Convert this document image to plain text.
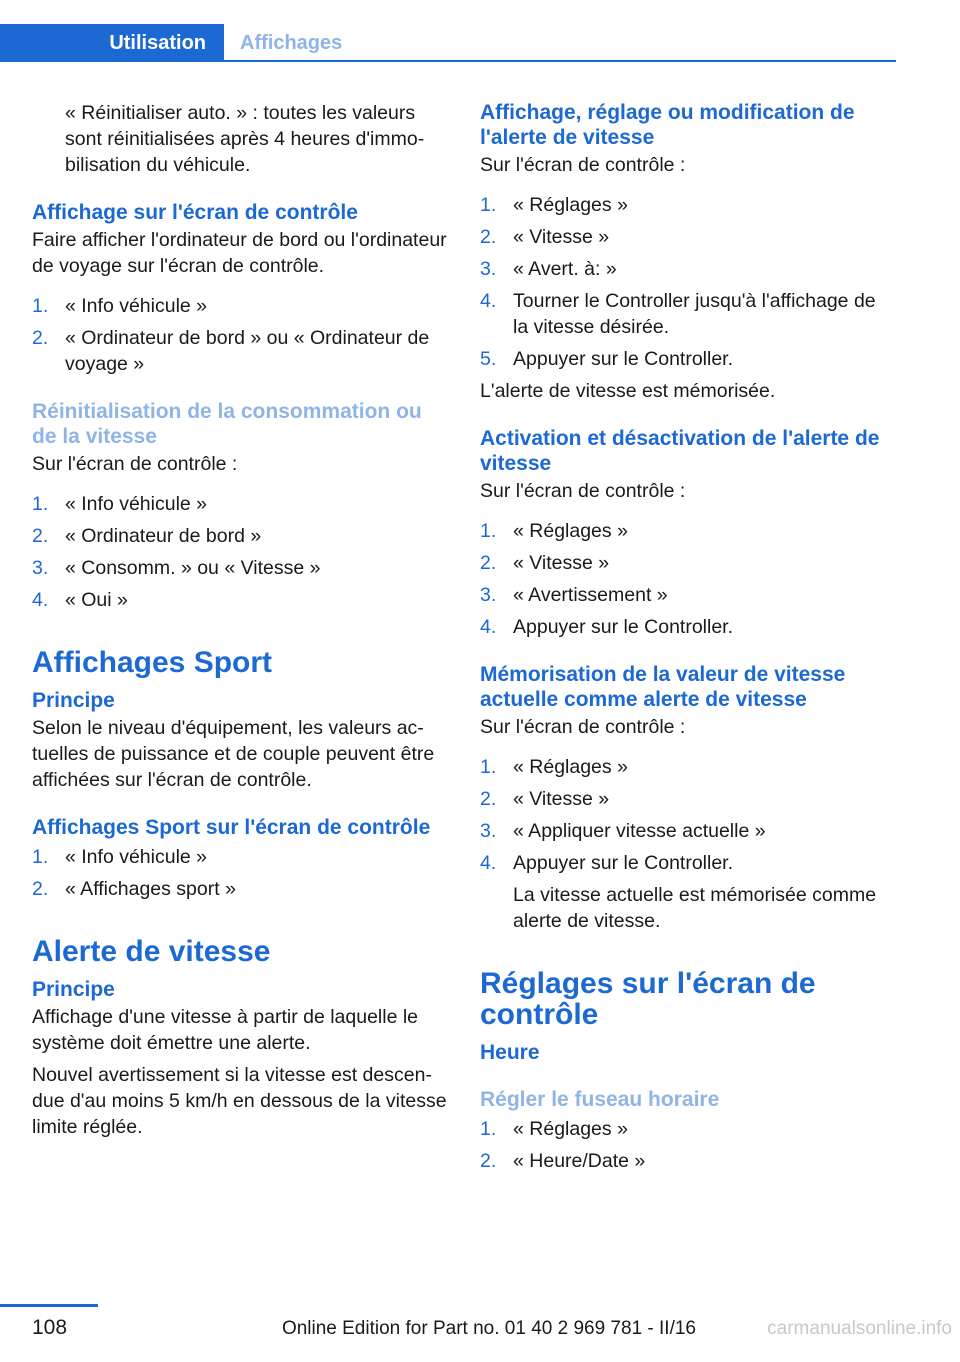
Utilisation	Affichages

« Réinitialiser auto. » : toutes les valeurs sont réinitialisées après 4 heures d'immobilisation du véhicule.

Affichage sur l'écran de contrôle

Faire afficher l'ordinateur de bord ou l'ordinateur de voyage sur l'écran de contrôle.

1. « Info véhicule »
2. « Ordinateur de bord » ou « Ordinateur de voyage »
Réinitialisation de la consommation ou de la vitesse

Sur l'écran de contrôle :

1. « Info véhicule »
2. « Ordinateur de bord »
3. « Consomm. » ou « Vitesse »
4. « Oui »
Affichages Sport
Principe

Selon le niveau d'équipement, les valeurs actuelles de puissance et de couple peuvent être affichées sur l'écran de contrôle.

Affichages Sport sur l'écran de contrôle
1. « Info véhicule »
2. « Affichages sport »
Alerte de vitesse
Principe

Affichage d'une vitesse à partir de laquelle le système doit émettre une alerte.

Nouvel avertissement si la vitesse est descendue d'au moins 5 km/h en dessous de la vitesse limite réglée.

Affichage, réglage ou modification de l'alerte de vitesse

Sur l'écran de contrôle :

1. « Réglages »
2. « Vitesse »
3. « Avert. à: »
4. Tourner le Controller jusqu'à l'affichage de la vitesse désirée.
5. Appuyer sur le Controller.

L'alerte de vitesse est mémorisée.

Activation et désactivation de l'alerte de vitesse

Sur l'écran de contrôle :

1. « Réglages »
2. « Vitesse »
3. « Avertissement »
4. Appuyer sur le Controller.
Mémorisation de la valeur de vitesse actuelle comme alerte de vitesse

Sur l'écran de contrôle :

1. « Réglages »
2. « Vitesse »
3. « Appliquer vitesse actuelle »
4. Appuyer sur le Controller.
La vitesse actuelle est mémorisée comme alerte de vitesse.
Réglages sur l'écran de contrôle
Heure
Régler le fuseau horaire
1. « Réglages »
2. « Heure/Date »
108	Online Edition for Part no. 01 40 2 969 781 - II/16	carmanualsonline.info
